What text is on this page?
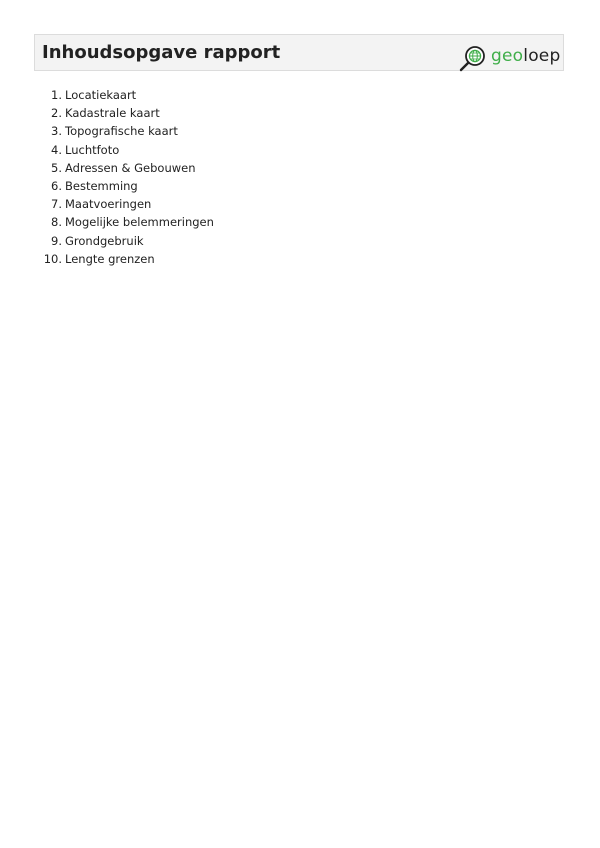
Inhoudsopgave rapport	geoloep
1. Locatiekaart
2. Kadastrale kaart
3. Topografische kaart
4. Luchtfoto
5. Adressen & Gebouwen
6. Bestemming
7. Maatvoeringen
8. Mogelijke belemmeringen
9. Grondgebruik
10. Lengte grenzen
